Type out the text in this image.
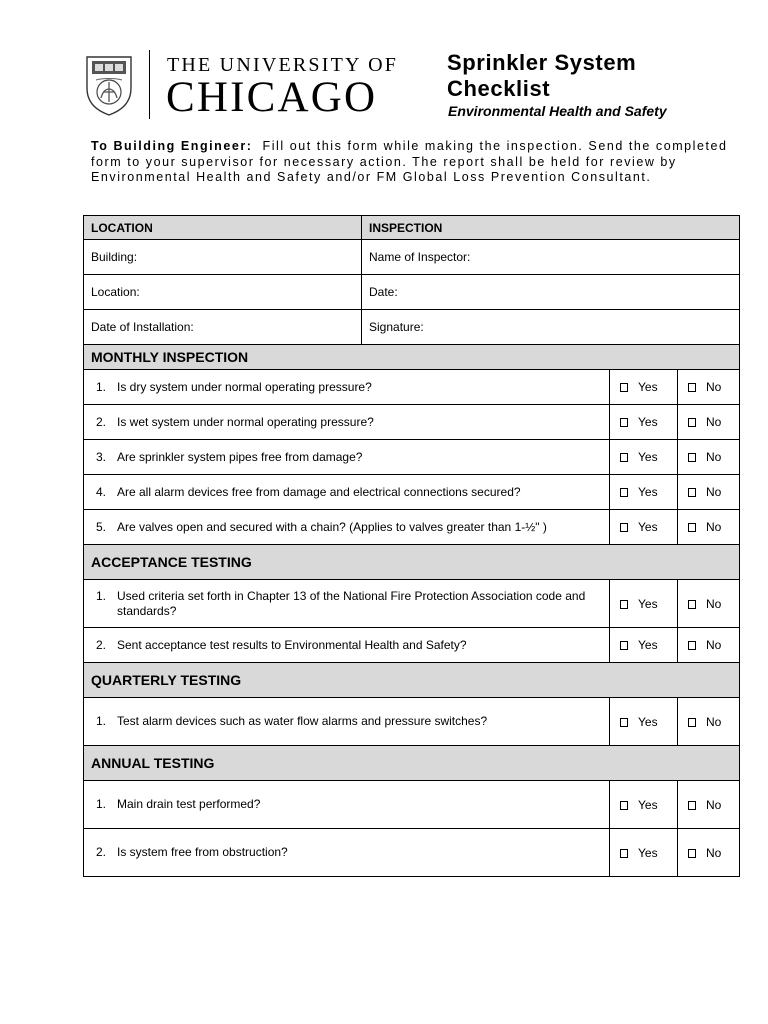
THE UNIVERSITY OF
CHICAGO
Sprinkler System
Checklist
Environmental Health and Safety
To Building Engineer: Fill out this form while making the inspection. Send the completed form to your supervisor for necessary action. The report shall be held for review by Environmental Health and Safety and/or FM Global Loss Prevention Consultant.
LOCATION	INSPECTION		
Building:	Name of Inspector:		
Location:	Date:		
Date of Installation:	Signature:		
MONTHLY INSPECTION			

1. Is dry system under normal operating pressure?		Yes	No

2. Is wet system under normal operating pressure?		Yes	No

3. Are sprinkler system pipes free from damage?		Yes	No

4. Are all alarm devices free from damage and electrical connections secured?		Yes	No

5. Are valves open and secured with a chain? (Applies to valves greater than 1-½" )		Yes	No
ACCEPTANCE TESTING			

1. Used criteria set forth in Chapter 13 of the National Fire Protection Association code and standards?		Yes	No

2. Sent acceptance test results to Environmental Health and Safety?		Yes	No
QUARTERLY TESTING			

1. Test alarm devices such as water flow alarms and pressure switches?		Yes	No
ANNUAL TESTING			

1. Main drain test performed?		Yes	No

2. Is system free from obstruction?		Yes	No
